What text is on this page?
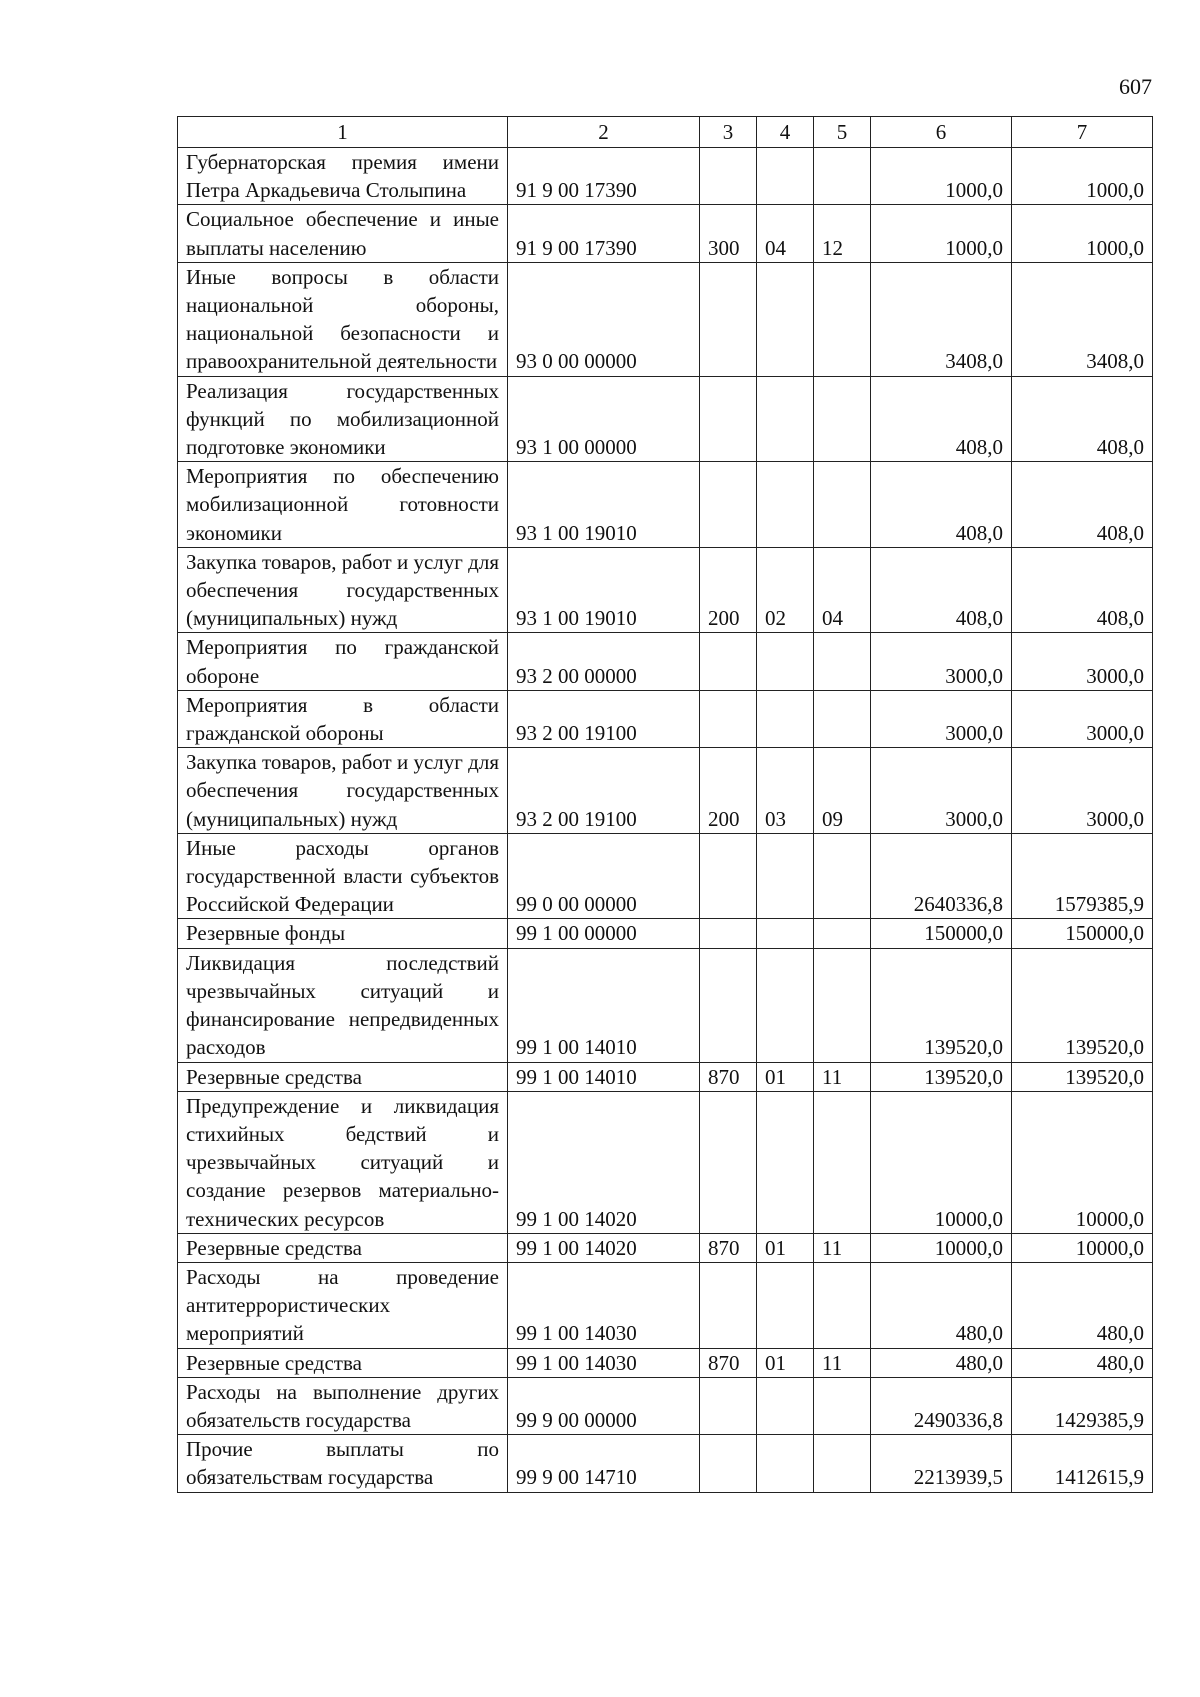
607
1	2	3	4	5	6	7
Губернаторская премия имени Петра Аркадьевича Столыпина	91 9 00 17390				1000,0	1000,0
Социальное обеспечение и иные выплаты населению	91 9 00 17390	300	04	12	1000,0	1000,0
Иные вопросы в области национальной обороны, национальной безопасности и правоохранительной деятельности	93 0 00 00000				3408,0	3408,0
Реализация государственных функций по мобилизационной подготовке экономики	93 1 00 00000				408,0	408,0
Мероприятия по обеспечению мобилизационной готовности экономики	93 1 00 19010				408,0	408,0
Закупка товаров, работ и услуг для обеспечения государственных (муниципальных) нужд	93 1 00 19010	200	02	04	408,0	408,0
Мероприятия по гражданской обороне	93 2 00 00000				3000,0	3000,0
Мероприятия в области гражданской обороны	93 2 00 19100				3000,0	3000,0
Закупка товаров, работ и услуг для обеспечения государственных (муниципальных) нужд	93 2 00 19100	200	03	09	3000,0	3000,0
Иные расходы органов государственной власти субъектов Российской Федерации	99 0 00 00000				2640336,8	1579385,9
Резервные фонды	99 1 00 00000				150000,0	150000,0
Ликвидация последствий чрезвычайных ситуаций и финансирование непредвиденных расходов	99 1 00 14010				139520,0	139520,0
Резервные средства	99 1 00 14010	870	01	11	139520,0	139520,0
Предупреждение и ликвидация стихийных бедствий и чрезвычайных ситуаций и создание резервов материально-технических ресурсов	99 1 00 14020				10000,0	10000,0
Резервные средства	99 1 00 14020	870	01	11	10000,0	10000,0
Расходы на проведение антитеррористических мероприятий	99 1 00 14030				480,0	480,0
Резервные средства	99 1 00 14030	870	01	11	480,0	480,0
Расходы на выполнение других обязательств государства	99 9 00 00000				2490336,8	1429385,9
Прочие выплаты по обязательствам государства	99 9 00 14710				2213939,5	1412615,9
